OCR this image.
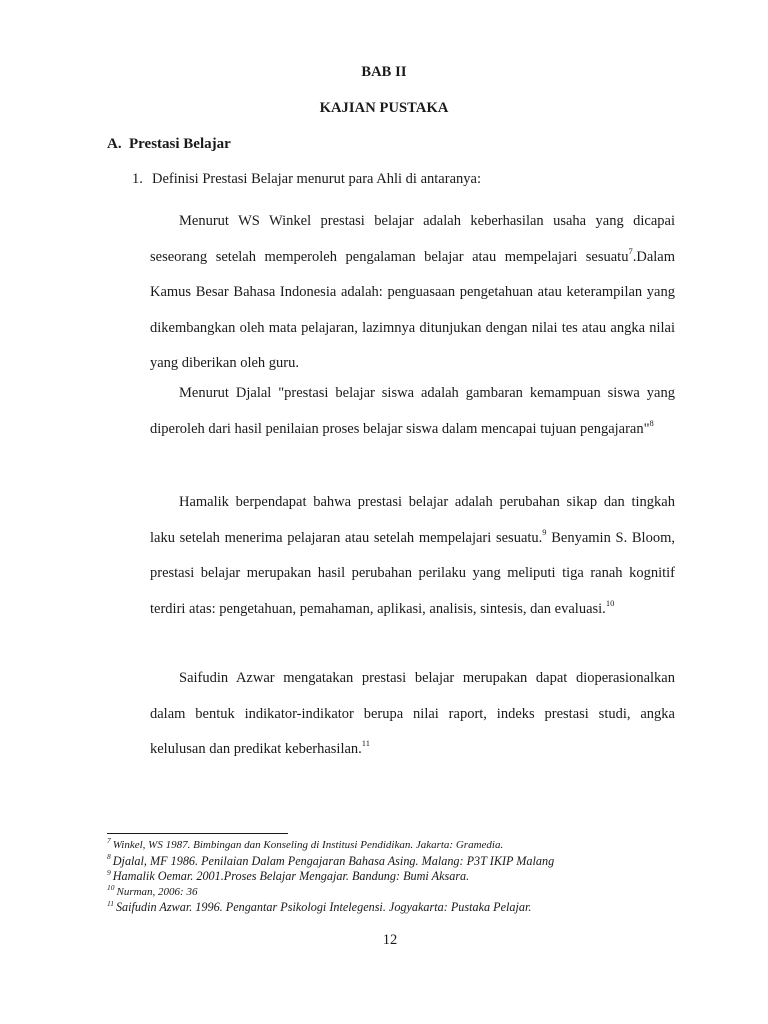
BAB II
KAJIAN PUSTAKA
A. Prestasi Belajar
1. Definisi Prestasi Belajar menurut para Ahli di antaranya:

Menurut WS Winkel prestasi belajar adalah keberhasilan usaha yang dicapai seseorang setelah memperoleh pengalaman belajar atau mempelajari sesuatu$^7$.Dalam Kamus Besar Bahasa Indonesia adalah: penguasaan pengetahuan atau keterampilan yang dikembangkan oleh mata pelajaran, lazimnya ditunjukan dengan nilai tes atau angka nilai yang diberikan oleh guru.

Menurut Djalal "prestasi belajar siswa adalah gambaran kemampuan siswa yang diperoleh dari hasil penilaian proses belajar siswa dalam mencapai tujuan pengajaran"$^8$

Hamalik berpendapat bahwa prestasi belajar adalah perubahan sikap dan tingkah laku setelah menerima pelajaran atau setelah mempelajari sesuatu.$^9$ Benyamin S. Bloom, prestasi belajar merupakan hasil perubahan perilaku yang meliputi tiga ranah kognitif terdiri atas: pengetahuan, pemahaman, aplikasi, analisis, sintesis, dan evaluasi.$^{10}$

Saifudin Azwar mengatakan prestasi belajar merupakan dapat dioperasionalkan dalam bentuk indikator-indikator berupa nilai raport, indeks prestasi studi, angka kelulusan dan predikat keberhasilan.$^{11}$

$^7$ Winkel, WS 1987. Bimbingan dan Konseling di Institusi Pendidikan. Jakarta: Gramedia.
$^8$ Djalal, MF 1986. Penilaian Dalam Pengajaran Bahasa Asing. Malang: P3T IKIP Malang
$^9$ Hamalik Oemar. 2001.Proses Belajar Mengajar. Bandung: Bumi Aksara.
$^{10}$ Nurman, 2006: 36
$^{11}$ Saifudin Azwar. 1996. Pengantar Psikologi Intelegensi. Jogyakarta: Pustaka Pelajar.
12
